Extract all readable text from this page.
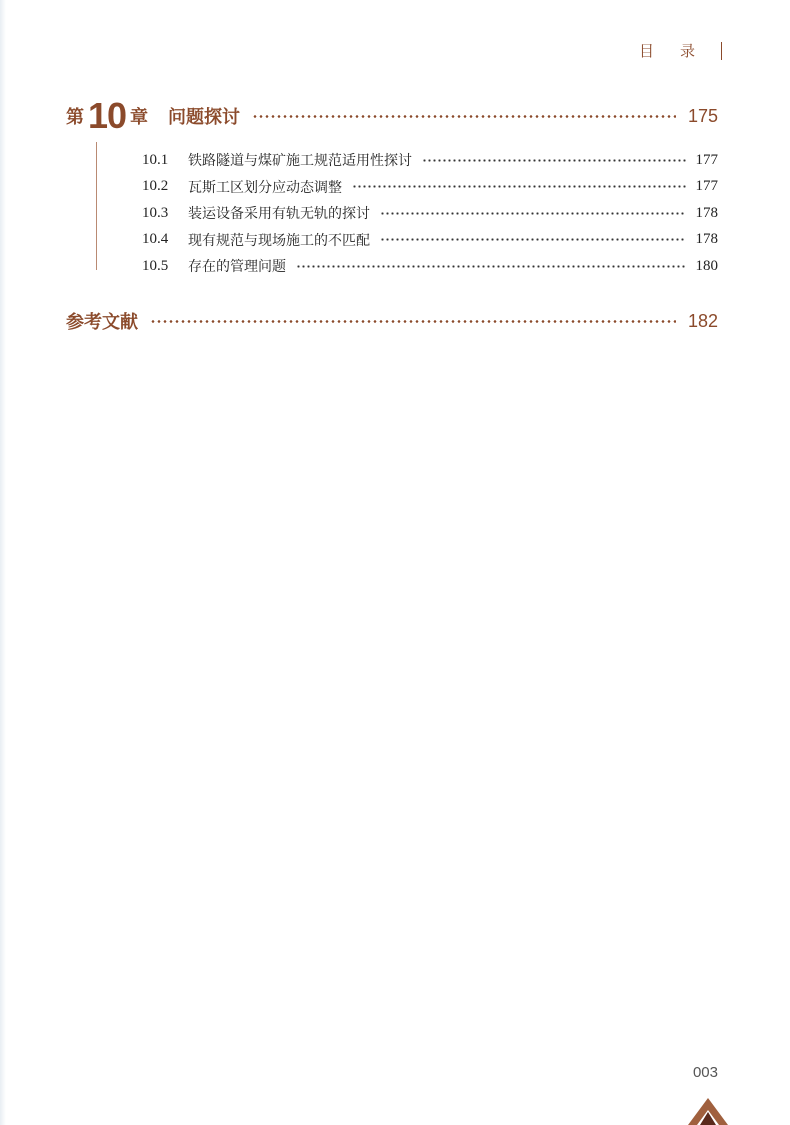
目 录
第 10 章 问题探讨	175
10.1	铁路隧道与煤矿施工规范适用性探讨	177
10.2	瓦斯工区划分应动态调整	177
10.3	装运设备采用有轨无轨的探讨	178
10.4	现有规范与现场施工的不匹配	178
10.5	存在的管理问题	180
参考文献	182
003
